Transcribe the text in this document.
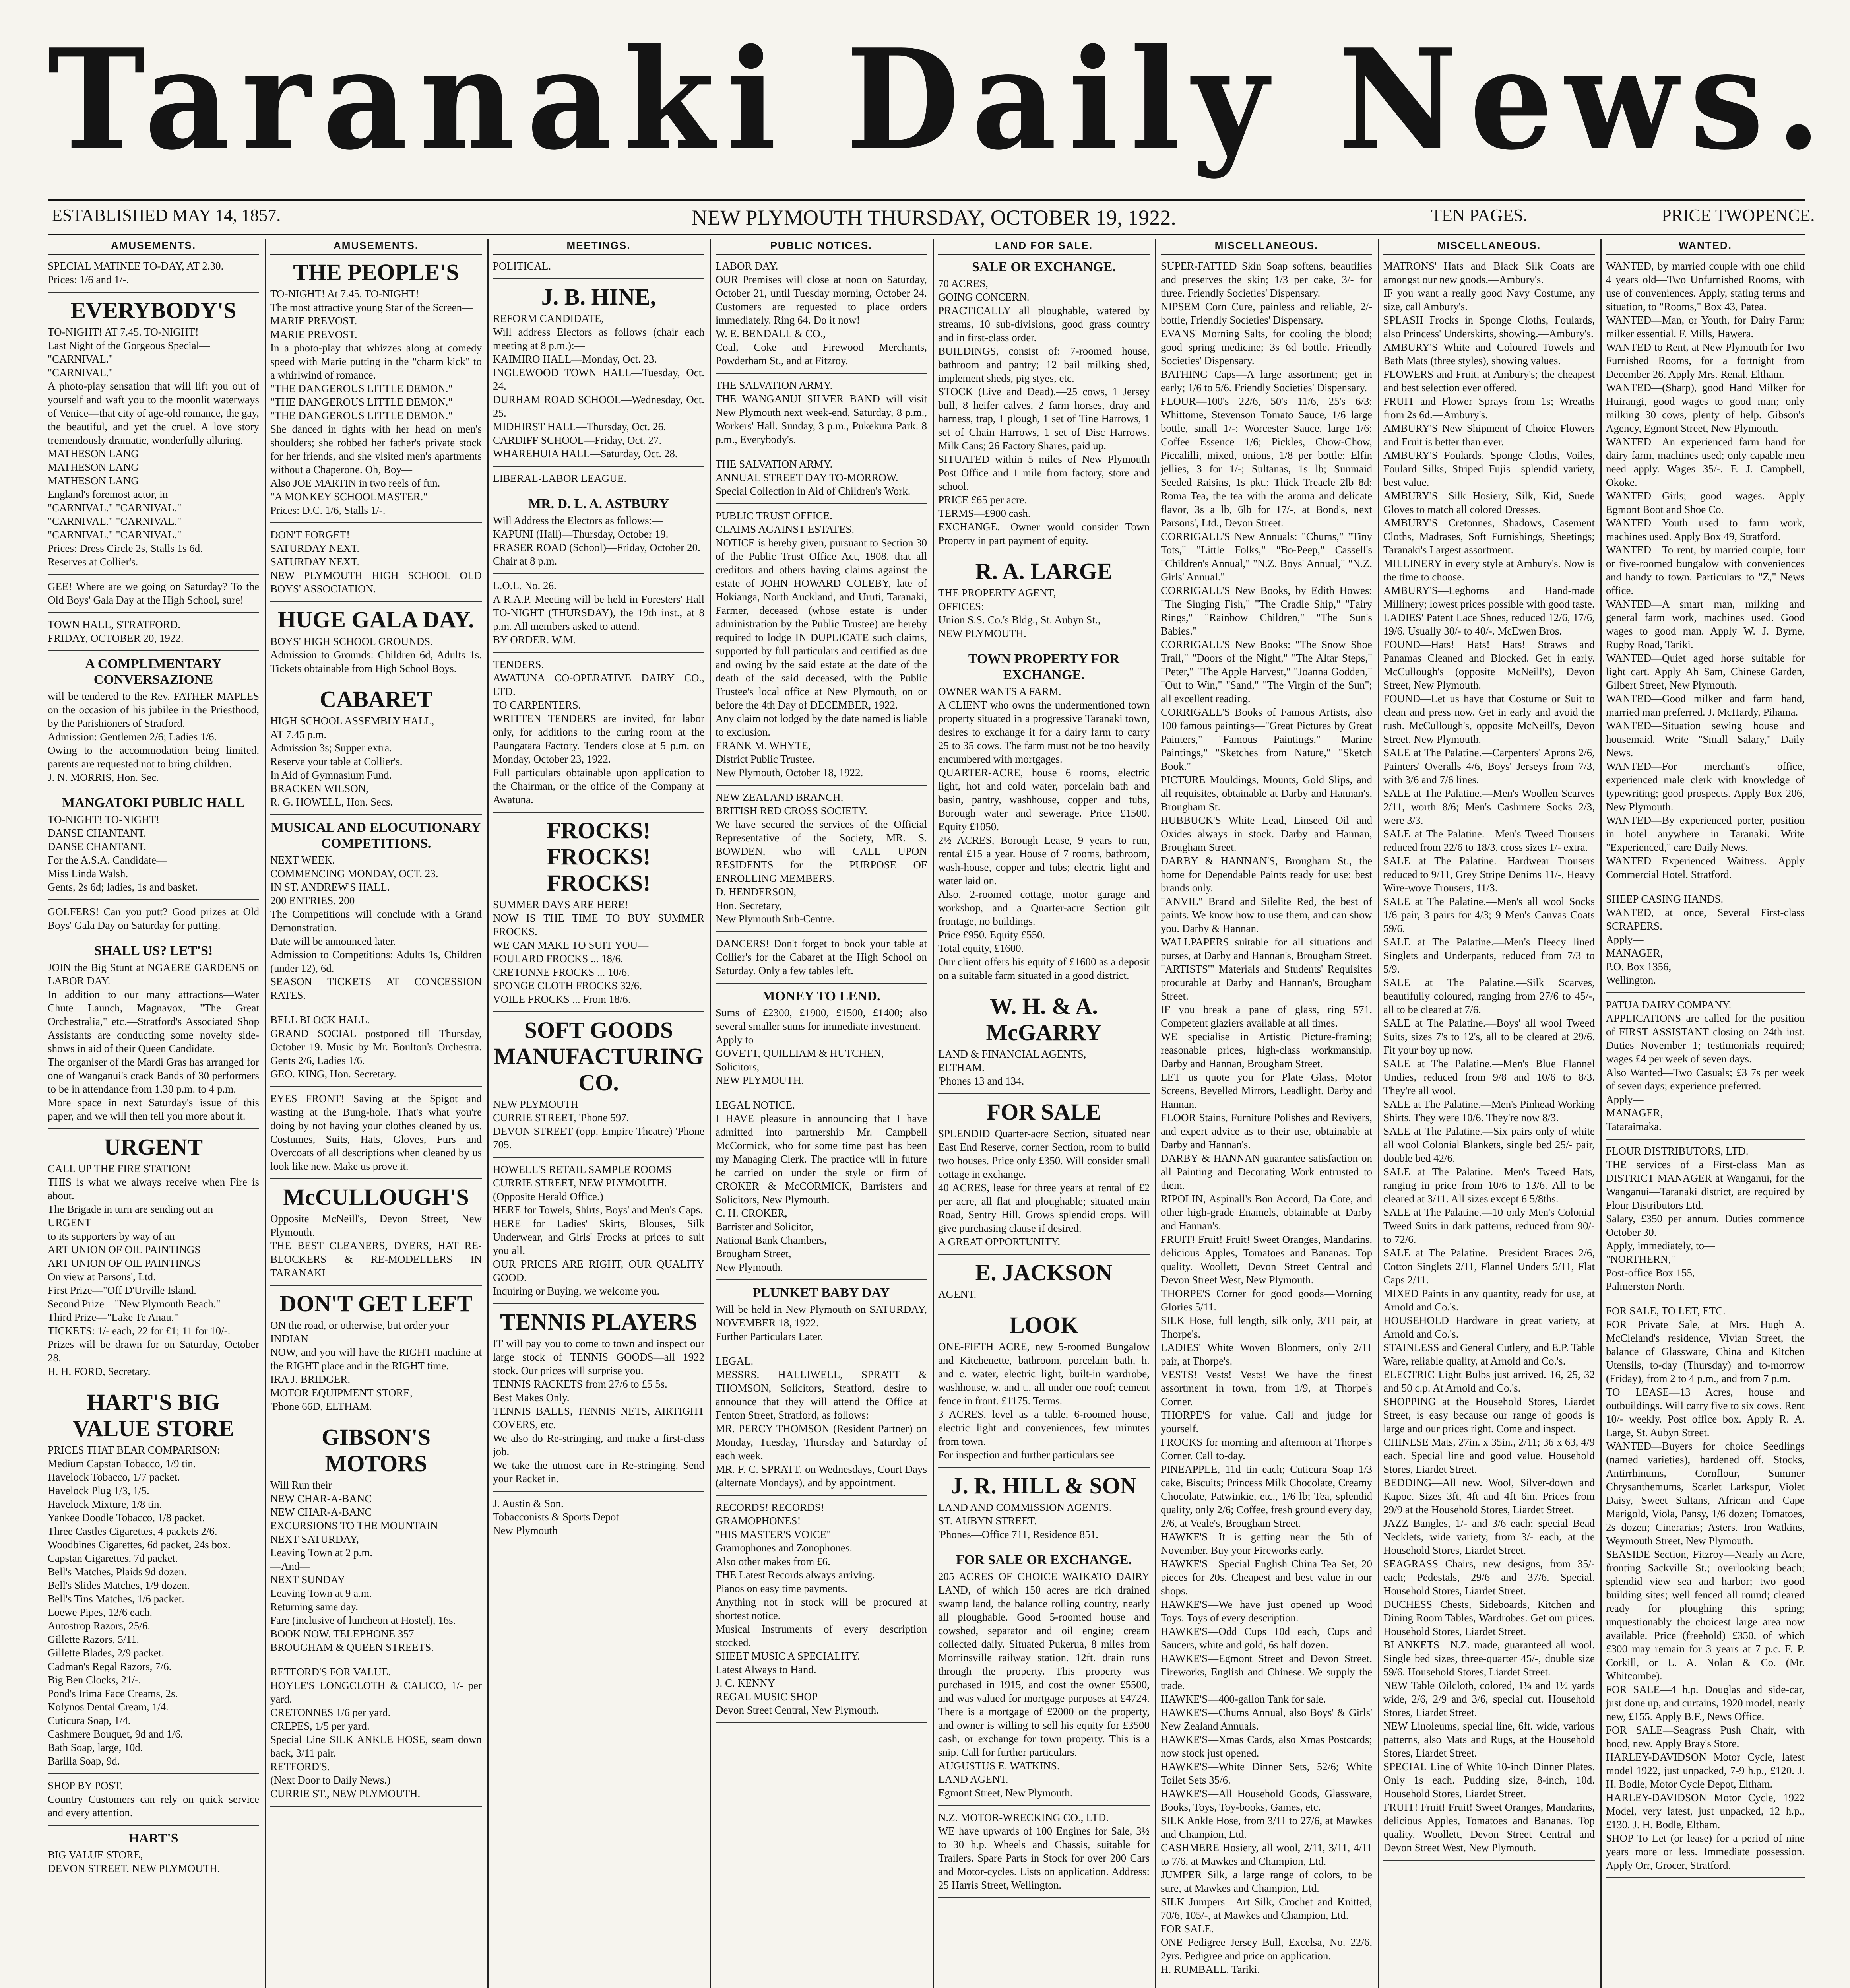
Taranaki Daily News.
ESTABLISHED MAY 14, 1857.	NEW PLYMOUTH THURSDAY, OCTOBER 19, 1922.	TEN PAGES.	PRICE TWOPENCE.
AMUSEMENTS.
SPECIAL MATINEE TO-DAY, AT 2.30.
Prices: 1/6 and 1/-.
EVERYBODY'S
TO-NIGHT! AT 7.45. TO-NIGHT!
Last Night of the Gorgeous Special—
"CARNIVAL."
"CARNIVAL."
A photo-play sensation that will lift you out of yourself and waft you to the moonlit waterways of Venice—that city of age-old romance, the gay, the beautiful, and yet the cruel. A love story tremendously dramatic, wonderfully alluring.
MATHESON LANG
MATHESON LANG
MATHESON LANG
England's foremost actor, in
"CARNIVAL." "CARNIVAL."
"CARNIVAL." "CARNIVAL."
"CARNIVAL." "CARNIVAL."
Prices: Dress Circle 2s, Stalls 1s 6d.
Reserves at Collier's.
GEE! Where are we going on Saturday? To the Old Boys' Gala Day at the High School, sure!
TOWN HALL, STRATFORD.
FRIDAY, OCTOBER 20, 1922.
A COMPLIMENTARY CONVERSAZIONE
will be tendered to the Rev. FATHER MAPLES on the occasion of his jubilee in the Priesthood, by the Parishioners of Stratford.
Admission: Gentlemen 2/6; Ladies 1/6.
Owing to the accommodation being limited, parents are requested not to bring children.
J. N. MORRIS, Hon. Sec.
MANGATOKI PUBLIC HALL
TO-NIGHT! TO-NIGHT!
DANSE CHANTANT.
DANSE CHANTANT.
For the A.S.A. Candidate—
Miss Linda Walsh.
Gents, 2s 6d; ladies, 1s and basket.
GOLFERS! Can you putt? Good prizes at Old Boys' Gala Day on Saturday for putting.
SHALL US? LET'S!
JOIN the Big Stunt at NGAERE GARDENS on LABOR DAY.
In addition to our many attractions—Water Chute Launch, Magnavox, "The Great Orchestralia," etc.—Stratford's Associated Shop Assistants are conducting some novelty side-shows in aid of their Queen Candidate.
The organiser of the Mardi Gras has arranged for one of Wanganui's crack Bands of 30 performers to be in attendance from 1.30 p.m. to 4 p.m.
More space in next Saturday's issue of this paper, and we will then tell you more about it.
URGENT
CALL UP THE FIRE STATION!
THIS is what we always receive when Fire is about.
The Brigade in turn are sending out an
URGENT
to its supporters by way of an
ART UNION OF OIL PAINTINGS
ART UNION OF OIL PAINTINGS
On view at Parsons', Ltd.
First Prize—"Off D'Urville Island.
Second Prize—"New Plymouth Beach."
Third Prize—"Lake Te Anau."
TICKETS: 1/- each, 22 for £1; 11 for 10/-.
Prizes will be drawn for on Saturday, October 28.
H. H. FORD, Secretary.
HART'S BIG VALUE STORE
PRICES THAT BEAR COMPARISON:
Medium Capstan Tobacco, 1/9 tin.
Havelock Tobacco, 1/7 packet.
Havelock Plug 1/3, 1/5.
Havelock Mixture, 1/8 tin.
Yankee Doodle Tobacco, 1/8 packet.
Three Castles Cigarettes, 4 packets 2/6.
Woodbines Cigarettes, 6d packet, 24s box.
Capstan Cigarettes, 7d packet.
Bell's Matches, Plaids 9d dozen.
Bell's Slides Matches, 1/9 dozen.
Bell's Tins Matches, 1/6 packet.
Loewe Pipes, 12/6 each.
Autostrop Razors, 25/6.
Gillette Razors, 5/11.
Gillette Blades, 2/9 packet.
Cadman's Regal Razors, 7/6.
Big Ben Clocks, 21/-.
Pond's Irima Face Creams, 2s.
Kolynos Dental Cream, 1/4.
Cuticura Soap, 1/4.
Cashmere Bouquet, 9d and 1/6.
Bath Soap, large, 10d.
Barilla Soap, 9d.
SHOP BY POST.
Country Customers can rely on quick service and every attention.
HART'S
BIG VALUE STORE,
DEVON STREET, NEW PLYMOUTH.
AMUSEMENTS.
THE PEOPLE'S
TO-NIGHT! At 7.45. TO-NIGHT!
The most attractive young Star of the Screen—
MARIE PREVOST.
MARIE PREVOST.
In a photo-play that whizzes along at comedy speed with Marie putting in the "charm kick" to a whirlwind of romance.
"THE DANGEROUS LITTLE DEMON."
"THE DANGEROUS LITTLE DEMON."
"THE DANGEROUS LITTLE DEMON."
She danced in tights with her head on men's shoulders; she robbed her father's private stock for her friends, and she visited men's apartments without a Chaperone. Oh, Boy—
Also JOE MARTIN in two reels of fun.
"A MONKEY SCHOOLMASTER."
Prices: D.C. 1/6, Stalls 1/-.
DON'T FORGET!
SATURDAY NEXT.
SATURDAY NEXT.
NEW PLYMOUTH HIGH SCHOOL OLD BOYS' ASSOCIATION.
HUGE GALA DAY.
BOYS' HIGH SCHOOL GROUNDS.
Admission to Grounds: Children 6d, Adults 1s. Tickets obtainable from High School Boys.
CABARET
HIGH SCHOOL ASSEMBLY HALL,
AT 7.45 p.m.
Admission 3s; Supper extra.
Reserve your table at Collier's.
In Aid of Gymnasium Fund.
BRACKEN WILSON,
R. G. HOWELL, Hon. Secs.
MUSICAL AND ELOCUTIONARY COMPETITIONS.
NEXT WEEK.
COMMENCING MONDAY, OCT. 23.
IN ST. ANDREW'S HALL.
200 ENTRIES. 200
The Competitions will conclude with a Grand Demonstration.
Date will be announced later.
Admission to Competitions: Adults 1s, Children (under 12), 6d.
SEASON TICKETS AT CONCESSION RATES.
BELL BLOCK HALL.
GRAND SOCIAL postponed till Thursday, October 19. Music by Mr. Boulton's Orchestra. Gents 2/6, Ladies 1/6.
GEO. KING, Hon. Secretary.
EYES FRONT! Saving at the Spigot and wasting at the Bung-hole. That's what you're doing by not having your clothes cleaned by us. Costumes, Suits, Hats, Gloves, Furs and Overcoats of all descriptions when cleaned by us look like new. Make us prove it.
McCULLOUGH'S
Opposite McNeill's, Devon Street, New Plymouth.
THE BEST CLEANERS, DYERS, HAT RE-BLOCKERS & RE-MODELLERS IN TARANAKI
DON'T GET LEFT
ON the road, or otherwise, but order your
INDIAN
NOW, and you will have the RIGHT machine at the RIGHT place and in the RIGHT time.
IRA J. BRIDGER,
MOTOR EQUIPMENT STORE,
'Phone 66D, ELTHAM.
GIBSON'S MOTORS
Will Run their
NEW CHAR-A-BANC
NEW CHAR-A-BANC
EXCURSIONS TO THE MOUNTAIN
NEXT SATURDAY,
Leaving Town at 2 p.m.
—And—
NEXT SUNDAY
Leaving Town at 9 a.m.
Returning same day.
Fare (inclusive of luncheon at Hostel), 16s.
BOOK NOW. TELEPHONE 357
BROUGHAM & QUEEN STREETS.
RETFORD'S FOR VALUE.
HOYLE'S LONGCLOTH & CALICO, 1/- per yard.
CRETONNES 1/6 per yard.
CREPES, 1/5 per yard.
Special Line SILK ANKLE HOSE, seam down back, 3/11 pair.
RETFORD'S.
(Next Door to Daily News.)
CURRIE ST., NEW PLYMOUTH.
MEETINGS.
POLITICAL.
J. B. HINE,
REFORM CANDIDATE,
Will address Electors as follows (chair each meeting at 8 p.m.):—
KAIMIRO HALL—Monday, Oct. 23.
INGLEWOOD TOWN HALL—Tuesday, Oct. 24.
DURHAM ROAD SCHOOL—Wednesday, Oct. 25.
MIDHIRST HALL—Thursday, Oct. 26.
CARDIFF SCHOOL—Friday, Oct. 27.
WHAREHUIA HALL—Saturday, Oct. 28.
LIBERAL-LABOR LEAGUE.
MR. D. L. A. ASTBURY
Will Address the Electors as follows:—
KAPUNI (Hall)—Thursday, October 19.
FRASER ROAD (School)—Friday, October 20.
Chair at 8 p.m.
L.O.L. No. 26.
A R.A.P. Meeting will be held in Foresters' Hall TO-NIGHT (THURSDAY), the 19th inst., at 8 p.m. All members asked to attend.
BY ORDER. W.M.
TENDERS.
AWATUNA CO-OPERATIVE DAIRY CO., LTD.
TO CARPENTERS.
WRITTEN TENDERS are invited, for labor only, for additions to the curing room at the Paungatara Factory. Tenders close at 5 p.m. on Monday, October 23, 1922.
Full particulars obtainable upon application to the Chairman, or the office of the Company at Awatuna.
FROCKS! FROCKS! FROCKS!
SUMMER DAYS ARE HERE!
NOW IS THE TIME TO BUY SUMMER FROCKS.
WE CAN MAKE TO SUIT YOU—
FOULARD FROCKS ... 18/6.
CRETONNE FROCKS ... 10/6.
SPONGE CLOTH FROCKS 32/6.
VOILE FROCKS ... From 18/6.
SOFT GOODS MANUFACTURING CO.
NEW PLYMOUTH
CURRIE STREET, 'Phone 597.
DEVON STREET (opp. Empire Theatre) 'Phone 705.
HOWELL'S RETAIL SAMPLE ROOMS
CURRIE STREET, NEW PLYMOUTH.
(Opposite Herald Office.)
HERE for Towels, Shirts, Boys' and Men's Caps.
HERE for Ladies' Skirts, Blouses, Silk Underwear, and Girls' Frocks at prices to suit you all.
OUR PRICES ARE RIGHT, OUR QUALITY GOOD.
Inquiring or Buying, we welcome you.
TENNIS PLAYERS
IT will pay you to come to town and inspect our large stock of TENNIS GOODS—all 1922 stock. Our prices will surprise you.
TENNIS RACKETS from 27/6 to £5 5s.
Best Makes Only.
TENNIS BALLS, TENNIS NETS, AIRTIGHT COVERS, etc.
We also do Re-stringing, and make a first-class job.
We take the utmost care in Re-stringing. Send your Racket in.
J. Austin & Son.
Tobacconists & Sports Depot
New Plymouth
PUBLIC NOTICES.
LABOR DAY.
OUR Premises will close at noon on Saturday, October 21, until Tuesday morning, October 24. Customers are requested to place orders immediately. Ring 64. Do it now!
W. E. BENDALL & CO.,
Coal, Coke and Firewood Merchants, Powderham St., and at Fitzroy.
THE SALVATION ARMY.
THE WANGANUI SILVER BAND will visit New Plymouth next week-end, Saturday, 8 p.m., Workers' Hall. Sunday, 3 p.m., Pukekura Park. 8 p.m., Everybody's.
THE SALVATION ARMY.
ANNUAL STREET DAY TO-MORROW.
Special Collection in Aid of Children's Work.
PUBLIC TRUST OFFICE.
CLAIMS AGAINST ESTATES.
NOTICE is hereby given, pursuant to Section 30 of the Public Trust Office Act, 1908, that all creditors and others having claims against the estate of JOHN HOWARD COLEBY, late of Hokianga, North Auckland, and Uruti, Taranaki, Farmer, deceased (whose estate is under administration by the Public Trustee) are hereby required to lodge IN DUPLICATE such claims, supported by full particulars and certified as due and owing by the said estate at the date of the death of the said deceased, with the Public Trustee's local office at New Plymouth, on or before the 4th Day of DECEMBER, 1922.
Any claim not lodged by the date named is liable to exclusion.
FRANK M. WHYTE,
District Public Trustee.
New Plymouth, October 18, 1922.
NEW ZEALAND BRANCH,
BRITISH RED CROSS SOCIETY.
We have secured the services of the Official Representative of the Society, MR. S. BOWDEN, who will CALL UPON RESIDENTS for the PURPOSE OF ENROLLING MEMBERS.
D. HENDERSON,
Hon. Secretary,
New Plymouth Sub-Centre.
DANCERS! Don't forget to book your table at Collier's for the Cabaret at the High School on Saturday. Only a few tables left.
MONEY TO LEND.
Sums of £2300, £1900, £1500, £1400; also several smaller sums for immediate investment.
Apply to—
GOVETT, QUILLIAM & HUTCHEN,
Solicitors,
NEW PLYMOUTH.
LEGAL NOTICE.
I HAVE pleasure in announcing that I have admitted into partnership Mr. Campbell McCormick, who for some time past has been my Managing Clerk. The practice will in future be carried on under the style or firm of CROKER & McCORMICK, Barristers and Solicitors, New Plymouth.
C. H. CROKER,
Barrister and Solicitor,
National Bank Chambers,
Brougham Street,
New Plymouth.
PLUNKET BABY DAY
Will be held in New Plymouth on SATURDAY, NOVEMBER 18, 1922.
Further Particulars Later.
LEGAL.
MESSRS. HALLIWELL, SPRATT & THOMSON, Solicitors, Stratford, desire to announce that they will attend the Office at Fenton Street, Stratford, as follows:
MR. PERCY THOMSON (Resident Partner) on Monday, Tuesday, Thursday and Saturday of each week.
MR. F. C. SPRATT, on Wednesdays, Court Days (alternate Mondays), and by appointment.
RECORDS! RECORDS!
GRAMOPHONES!
"HIS MASTER'S VOICE"
Gramophones and Zonophones.
Also other makes from £6.
THE Latest Records always arriving.
Pianos on easy time payments.
Anything not in stock will be procured at shortest notice.
Musical Instruments of every description stocked.
SHEET MUSIC A SPECIALITY.
Latest Always to Hand.
J. C. KENNY
REGAL MUSIC SHOP
Devon Street Central, New Plymouth.
LAND FOR SALE.
SALE OR EXCHANGE.
70 ACRES,
GOING CONCERN.
PRACTICALLY all ploughable, watered by streams, 10 sub-divisions, good grass country and in first-class order.
BUILDINGS, consist of: 7-roomed house, bathroom and pantry; 12 bail milking shed, implement sheds, pig styes, etc.
STOCK (Live and Dead).—25 cows, 1 Jersey bull, 8 heifer calves, 2 farm horses, dray and harness, trap, 1 plough, 1 set of Tine Harrows, 1 set of Chain Harrows, 1 set of Disc Harrows. Milk Cans; 26 Factory Shares, paid up.
SITUATED within 5 miles of New Plymouth Post Office and 1 mile from factory, store and school.
PRICE £65 per acre.
TERMS—£900 cash.
EXCHANGE.—Owner would consider Town Property in part payment of equity.
R. A. LARGE
THE PROPERTY AGENT,
OFFICES:
Union S.S. Co.'s Bldg., St. Aubyn St.,
NEW PLYMOUTH.
TOWN PROPERTY FOR EXCHANGE.
OWNER WANTS A FARM.
A CLIENT who owns the undermentioned town property situated in a progressive Taranaki town, desires to exchange it for a dairy farm to carry 25 to 35 cows. The farm must not be too heavily encumbered with mortgages.
QUARTER-ACRE, house 6 rooms, electric light, hot and cold water, porcelain bath and basin, pantry, washhouse, copper and tubs, Borough water and sewerage. Price £1500. Equity £1050.
2½ ACRES, Borough Lease, 9 years to run, rental £15 a year. House of 7 rooms, bathroom, wash-house, copper and tubs; electric light and water laid on.
Also, 2-roomed cottage, motor garage and workshop, and a Quarter-acre Section gilt frontage, no buildings.
Price £950. Equity £550.
Total equity, £1600.
Our client offers his equity of £1600 as a deposit on a suitable farm situated in a good district.
W. H. & A. McGARRY
LAND & FINANCIAL AGENTS,
ELTHAM.
'Phones 13 and 134.
FOR SALE
SPLENDID Quarter-acre Section, situated near East End Reserve, corner Section, room to build two houses. Price only £350. Will consider small cottage in exchange.
40 ACRES, lease for three years at rental of £2 per acre, all flat and ploughable; situated main Road, Sentry Hill. Grows splendid crops. Will give purchasing clause if desired.
A GREAT OPPORTUNITY.
E. JACKSON
AGENT.
LOOK
ONE-FIFTH ACRE, new 5-roomed Bungalow and Kitchenette, bathroom, porcelain bath, h. and c. water, electric light, built-in wardrobe, washhouse, w. and t., all under one roof; cement fence in front. £1175. Terms.
3 ACRES, level as a table, 6-roomed house, electric light and conveniences, few minutes from town.
For inspection and further particulars see—
J. R. HILL & SON
LAND AND COMMISSION AGENTS.
ST. AUBYN STREET.
'Phones—Office 711, Residence 851.
FOR SALE OR EXCHANGE.
205 ACRES OF CHOICE WAIKATO DAIRY LAND, of which 150 acres are rich drained swamp land, the balance rolling country, nearly all ploughable. Good 5-roomed house and cowshed, separator and oil engine; cream collected daily. Situated Pukerua, 8 miles from Morrinsville railway station. 12ft. drain runs through the property. This property was purchased in 1915, and cost the owner £5500, and was valued for mortgage purposes at £4724. There is a mortgage of £2000 on the property, and owner is willing to sell his equity for £3500 cash, or exchange for town property. This is a snip. Call for further particulars.
AUGUSTUS E. WATKINS.
LAND AGENT.
Egmont Street, New Plymouth.
N.Z. MOTOR-WRECKING CO., LTD.
WE have upwards of 100 Engines for Sale, 3½ to 30 h.p. Wheels and Chassis, suitable for Trailers. Spare Parts in Stock for over 200 Cars and Motor-cycles. Lists on application. Address: 25 Harris Street, Wellington.
MISCELLANEOUS.
SUPER-FATTED Skin Soap softens, beautifies and preserves the skin; 1/3 per cake, 3/- for three. Friendly Societies' Dispensary.
NIPSEM Corn Cure, painless and reliable, 2/- bottle, Friendly Societies' Dispensary.
EVANS' Morning Salts, for cooling the blood; good spring medicine; 3s 6d bottle. Friendly Societies' Dispensary.
BATHING Caps—A large assortment; get in early; 1/6 to 5/6. Friendly Societies' Dispensary.
FLOUR—100's 22/6, 50's 11/6, 25's 6/3; Whittome, Stevenson Tomato Sauce, 1/6 large bottle, small 1/-; Worcester Sauce, large 1/6; Coffee Essence 1/6; Pickles, Chow-Chow, Piccalilli, mixed, onions, 1/8 per bottle; Elfin jellies, 3 for 1/-; Sultanas, 1s lb; Sunmaid Seeded Raisins, 1s pkt.; Thick Treacle 2lb 8d; Roma Tea, the tea with the aroma and delicate flavor, 3s a lb, 6lb for 17/-, at Bond's, next Parsons', Ltd., Devon Street.
CORRIGALL'S New Annuals: "Chums," "Tiny Tots," "Little Folks," "Bo-Peep," Cassell's "Children's Annual," "N.Z. Boys' Annual," "N.Z. Girls' Annual."
CORRIGALL'S New Books, by Edith Howes: "The Singing Fish," "The Cradle Ship," "Fairy Rings," "Rainbow Children," "The Sun's Babies."
CORRIGALL'S New Books: "The Snow Shoe Trail," "Doors of the Night," "The Altar Steps," "Peter," "The Apple Harvest," "Joanna Godden," "Out to Win," "Sand," "The Virgin of the Sun"; all excellent reading.
CORRIGALL'S Books of Famous Artists, also 100 famous paintings—"Great Pictures by Great Painters," "Famous Paintings," "Marine Paintings," "Sketches from Nature," "Sketch Book."
PICTURE Mouldings, Mounts, Gold Slips, and all requisites, obtainable at Darby and Hannan's, Brougham St.
HUBBUCK'S White Lead, Linseed Oil and Oxides always in stock. Darby and Hannan, Brougham Street.
DARBY & HANNAN'S, Brougham St., the home for Dependable Paints ready for use; best brands only.
"ANVIL" Brand and Silelite Red, the best of paints. We know how to use them, and can show you. Darby & Hannan.
WALLPAPERS suitable for all situations and purses, at Darby and Hannan's, Brougham Street.
"ARTISTS'" Materials and Students' Requisites procurable at Darby and Hannan's, Brougham Street.
IF you break a pane of glass, ring 571. Competent glaziers available at all times.
WE specialise in Artistic Picture-framing; reasonable prices, high-class workmanship. Darby and Hannan, Brougham Street.
LET us quote you for Plate Glass, Motor Screens, Bevelled Mirrors, Leadlight. Darby and Hannan.
FLOOR Stains, Furniture Polishes and Revivers, and expert advice as to their use, obtainable at Darby and Hannan's.
DARBY & HANNAN guarantee satisfaction on all Painting and Decorating Work entrusted to them.
RIPOLIN, Aspinall's Bon Accord, Da Cote, and other high-grade Enamels, obtainable at Darby and Hannan's.
FRUIT! Fruit! Fruit! Sweet Oranges, Mandarins, delicious Apples, Tomatoes and Bananas. Top quality. Woollett, Devon Street Central and Devon Street West, New Plymouth.
THORPE'S Corner for good goods—Morning Glories 5/11.
SILK Hose, full length, silk only, 3/11 pair, at Thorpe's.
LADIES' White Woven Bloomers, only 2/11 pair, at Thorpe's.
VESTS! Vests! Vests! We have the finest assortment in town, from 1/9, at Thorpe's Corner.
THORPE'S for value. Call and judge for yourself.
FROCKS for morning and afternoon at Thorpe's Corner. Call to-day.
PINEAPPLE, 11d tin each; Cuticura Soap 1/3 cake, Biscuits; Princess Milk Chocolate, Creamy Chocolate, Patwinkie, etc., 1/6 lb; Tea, splendid quality, only 2/6; Coffee, fresh ground every day, 2/6, at Veale's, Brougham Street.
HAWKE'S—It is getting near the 5th of November. Buy your Fireworks early.
HAWKE'S—Special English China Tea Set, 20 pieces for 20s. Cheapest and best value in our shops.
HAWKE'S—We have just opened up Wood Toys. Toys of every description.
HAWKE'S—Odd Cups 10d each, Cups and Saucers, white and gold, 6s half dozen.
HAWKE'S—Egmont Street and Devon Street. Fireworks, English and Chinese. We supply the trade.
HAWKE'S—400-gallon Tank for sale.
HAWKE'S—Chums Annual, also Boys' & Girls' New Zealand Annuals.
HAWKE'S—Xmas Cards, also Xmas Postcards; now stock just opened.
HAWKE'S—White Dinner Sets, 52/6; White Toilet Sets 35/6.
HAWKE'S—All Household Goods, Glassware, Books, Toys, Toy-books, Games, etc.
SILK Ankle Hose, from 3/11 to 27/6, at Mawkes and Champion, Ltd.
CASHMERE Hosiery, all wool, 2/11, 3/11, 4/11 to 7/6, at Mawkes and Champion, Ltd.
JUMPER Silk, a large range of colors, to be sure, at Mawkes and Champion, Ltd.
SILK Jumpers—Art Silk, Crochet and Knitted, 70/6, 105/-, at Mawkes and Champion, Ltd.
FOR SALE.
ONE Pedigree Jersey Bull, Excelsa, No. 22/6, 2yrs. Pedigree and price on application.
H. RUMBALL, Tariki.
MISCELLANEOUS.
MATRONS' Hats and Black Silk Coats are amongst our new goods.—Ambury's.
IF you want a really good Navy Costume, any size, call Ambury's.
SPLASH Frocks in Sponge Cloths, Foulards, also Princess' Underskirts, showing.—Ambury's.
AMBURY'S White and Coloured Towels and Bath Mats (three styles), showing values.
FLOWERS and Fruit, at Ambury's; the cheapest and best selection ever offered.
FRUIT and Flower Sprays from 1s; Wreaths from 2s 6d.—Ambury's.
AMBURY'S New Shipment of Choice Flowers and Fruit is better than ever.
AMBURY'S Foulards, Sponge Cloths, Voiles, Foulard Silks, Striped Fujis—splendid variety, best value.
AMBURY'S—Silk Hosiery, Silk, Kid, Suede Gloves to match all colored Dresses.
AMBURY'S—Cretonnes, Shadows, Casement Cloths, Madrases, Soft Furnishings, Sheetings; Taranaki's Largest assortment.
MILLINERY in every style at Ambury's. Now is the time to choose.
AMBURY'S—Leghorns and Hand-made Millinery; lowest prices possible with good taste.
LADIES' Patent Lace Shoes, reduced 12/6, 17/6, 19/6. Usually 30/- to 40/-. McEwen Bros.
FOUND—Hats! Hats! Hats! Straws and Panamas Cleaned and Blocked. Get in early. McCullough's (opposite McNeill's), Devon Street, New Plymouth.
FOUND—Let us have that Costume or Suit to clean and press now. Get in early and avoid the rush. McCullough's, opposite McNeill's, Devon Street, New Plymouth.
SALE at The Palatine.—Carpenters' Aprons 2/6, Painters' Overalls 4/6, Boys' Jerseys from 7/3, with 3/6 and 7/6 lines.
SALE at The Palatine.—Men's Woollen Scarves 2/11, worth 8/6; Men's Cashmere Socks 2/3, were 3/3.
SALE at The Palatine.—Men's Tweed Trousers reduced from 22/6 to 18/3, cross sizes 1/- extra.
SALE at The Palatine.—Hardwear Trousers reduced to 9/11, Grey Stripe Denims 11/-, Heavy Wire-wove Trousers, 11/3.
SALE at The Palatine.—Men's all wool Socks 1/6 pair, 3 pairs for 4/3; 9 Men's Canvas Coats 59/6.
SALE at The Palatine.—Men's Fleecy lined Singlets and Underpants, reduced from 7/3 to 5/9.
SALE at The Palatine.—Silk Scarves, beautifully coloured, ranging from 27/6 to 45/-, all to be cleared at 7/6.
SALE at The Palatine.—Boys' all wool Tweed Suits, sizes 7's to 12's, all to be cleared at 29/6. Fit your boy up now.
SALE at The Palatine.—Men's Blue Flannel Undies, reduced from 9/8 and 10/6 to 8/3. They're all wool.
SALE at The Palatine.—Men's Pinhead Working Shirts. They were 10/6. They're now 8/3.
SALE at The Palatine.—Six pairs only of white all wool Colonial Blankets, single bed 25/- pair, double bed 42/6.
SALE at The Palatine.—Men's Tweed Hats, ranging in price from 10/6 to 13/6. All to be cleared at 3/11. All sizes except 6 5/8ths.
SALE at The Palatine.—10 only Men's Colonial Tweed Suits in dark patterns, reduced from 90/- to 72/6.
SALE at The Palatine.—President Braces 2/6, Cotton Singlets 2/11, Flannel Unders 5/11, Flat Caps 2/11.
MIXED Paints in any quantity, ready for use, at Arnold and Co.'s.
HOUSEHOLD Hardware in great variety, at Arnold and Co.'s.
STAINLESS and General Cutlery, and E.P. Table Ware, reliable quality, at Arnold and Co.'s.
ELECTRIC Light Bulbs just arrived. 16, 25, 32 and 50 c.p. At Arnold and Co.'s.
SHOPPING at the Household Stores, Liardet Street, is easy because our range of goods is large and our prices right. Come and inspect.
CHINESE Mats, 27in. x 35in., 2/11; 36 x 63, 4/9 each. Special line and good value. Household Stores, Liardet Street.
BEDDING—All new. Wool, Silver-down and Kapoc. Sizes 3ft, 4ft and 4ft 6in. Prices from 29/9 at the Household Stores, Liardet Street.
JAZZ Bangles, 1/- and 3/6 each; special Bead Necklets, wide variety, from 3/- each, at the Household Stores, Liardet Street.
SEAGRASS Chairs, new designs, from 35/- each; Pedestals, 29/6 and 37/6. Special. Household Stores, Liardet Street.
DUCHESS Chests, Sideboards, Kitchen and Dining Room Tables, Wardrobes. Get our prices. Household Stores, Liardet Street.
BLANKETS—N.Z. made, guaranteed all wool. Single bed sizes, three-quarter 45/-, double size 59/6. Household Stores, Liardet Street.
NEW Table Oilcloth, colored, 1¼ and 1½ yards wide, 2/6, 2/9 and 3/6, special cut. Household Stores, Liardet Street.
NEW Linoleums, special line, 6ft. wide, various patterns, also Mats and Rugs, at the Household Stores, Liardet Street.
SPECIAL Line of White 10-inch Dinner Plates. Only 1s each. Pudding size, 8-inch, 10d. Household Stores, Liardet Street.
FRUIT! Fruit! Fruit! Sweet Oranges, Mandarins, delicious Apples, Tomatoes and Bananas. Top quality. Woollett, Devon Street Central and Devon Street West, New Plymouth.
WANTED.
WANTED, by married couple with one child 4 years old—Two Unfurnished Rooms, with use of conveniences. Apply, stating terms and situation, to "Rooms," Box 43, Patea.
WANTED—Man, or Youth, for Dairy Farm; milker essential. F. Mills, Hawera.
WANTED to Rent, at New Plymouth for Two Furnished Rooms, for a fortnight from December 26. Apply Mrs. Renal, Eltham.
WANTED—(Sharp), good Hand Milker for Huirangi, good wages to good man; only milking 30 cows, plenty of help. Gibson's Agency, Egmont Street, New Plymouth.
WANTED—An experienced farm hand for dairy farm, machines used; only capable men need apply. Wages 35/-. F. J. Campbell, Okoke.
WANTED—Girls; good wages. Apply Egmont Boot and Shoe Co.
WANTED—Youth used to farm work, machines used. Apply Box 49, Stratford.
WANTED—To rent, by married couple, four or five-roomed bungalow with conveniences and handy to town. Particulars to "Z," News office.
WANTED—A smart man, milking and general farm work, machines used. Good wages to good man. Apply W. J. Byrne, Rugby Road, Tariki.
WANTED—Quiet aged horse suitable for light cart. Apply Ah Sam, Chinese Garden, Gilbert Street, New Plymouth.
WANTED—Good milker and farm hand, married man preferred. J. McHardy, Pihama.
WANTED—Situation sewing house and housemaid. Write "Small Salary," Daily News.
WANTED—For merchant's office, experienced male clerk with knowledge of typewriting; good prospects. Apply Box 206, New Plymouth.
WANTED—By experienced porter, position in hotel anywhere in Taranaki. Write "Experienced," care Daily News.
WANTED—Experienced Waitress. Apply Commercial Hotel, Stratford.
SHEEP CASING HANDS.
WANTED, at once, Several First-class SCRAPERS.
Apply—
MANAGER,
P.O. Box 1356,
Wellington.
PATUA DAIRY COMPANY.
APPLICATIONS are called for the position of FIRST ASSISTANT closing on 24th inst. Duties November 1; testimonials required; wages £4 per week of seven days.
Also Wanted—Two Casuals; £3 7s per week of seven days; experience preferred.
Apply—
MANAGER,
Tataraimaka.
FLOUR DISTRIBUTORS, LTD.
THE services of a First-class Man as DISTRICT MANAGER at Wanganui, for the Wanganui—Taranaki district, are required by Flour Distributors Ltd.
Salary, £350 per annum. Duties commence October 30.
Apply, immediately, to—
"NORTHERN,"
Post-office Box 155,
Palmerston North.
FOR SALE, TO LET, ETC.
FOR Private Sale, at Mrs. Hugh A. McCleland's residence, Vivian Street, the balance of Glassware, China and Kitchen Utensils, to-day (Thursday) and to-morrow (Friday), from 2 to 4 p.m., and from 7 p.m.
TO LEASE—13 Acres, house and outbuildings. Will carry five to six cows. Rent 10/- weekly. Post office box. Apply R. A. Large, St. Aubyn Street.
WANTED—Buyers for choice Seedlings (named varieties), hardened off. Stocks, Antirrhinums, Cornflour, Summer Chrysanthemums, Scarlet Larkspur, Violet Daisy, Sweet Sultans, African and Cape Marigold, Viola, Pansy, 1/6 dozen; Tomatoes, 2s dozen; Cinerarias; Asters. Iron Watkins, Weymouth Street, New Plymouth.
SEASIDE Section, Fitzroy—Nearly an Acre, fronting Sackville St.; overlooking beach; splendid view sea and harbor; two good building sites; well fenced all round; cleared ready for ploughing this spring; unquestionably the choicest large area now available. Price (freehold) £350, of which £300 may remain for 3 years at 7 p.c. F. P. Corkill, or L. A. Nolan & Co. (Mr. Whitcombe).
FOR SALE—4 h.p. Douglas and side-car, just done up, and curtains, 1920 model, nearly new, £155. Apply B.F., News Office.
FOR SALE—Seagrass Push Chair, with hood, new. Apply Bray's Store.
HARLEY-DAVIDSON Motor Cycle, latest model 1922, just unpacked, 7-9 h.p., £120. J. H. Bodle, Motor Cycle Depot, Eltham.
HARLEY-DAVIDSON Motor Cycle, 1922 Model, very latest, just unpacked, 12 h.p., £130. J. H. Bodle, Eltham.
SHOP To Let (or lease) for a period of nine years more or less. Immediate possession. Apply Orr, Grocer, Stratford.
